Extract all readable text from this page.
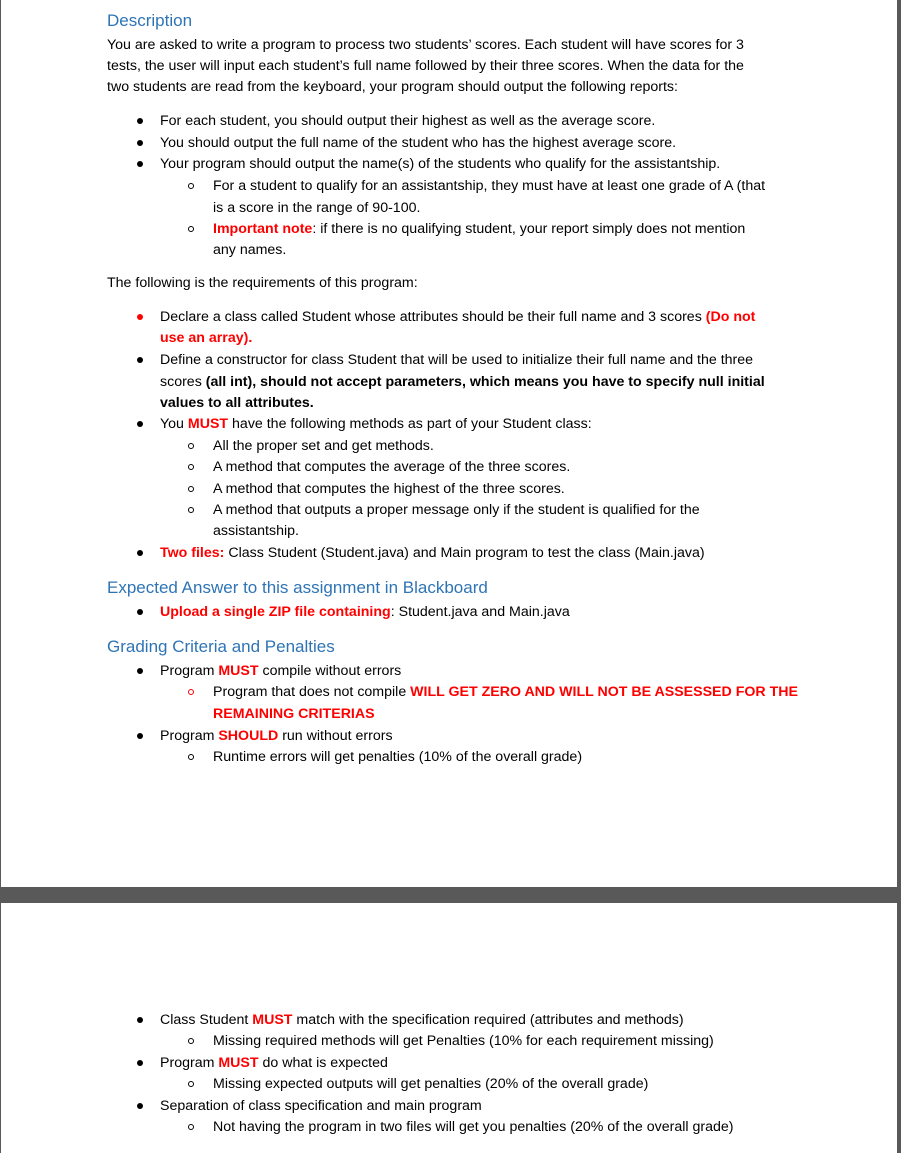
Description
You are asked to write a program to process two students’ scores. Each student will have scores for 3
tests, the user will input each student’s full name followed by their three scores. When the data for the
two students are read from the keyboard, your program should output the following reports:
For each student, you should output their highest as well as the average score.
You should output the full name of the student who has the highest average score.
Your program should output the name(s) of the students who qualify for the assistantship.
For a student to qualify for an assistantship, they must have at least one grade of A (that
is a score in the range of 90-100.
Important note: if there is no qualifying student, your report simply does not mention
any names.
The following is the requirements of this program:
Declare a class called Student whose attributes should be their full name and 3 scores (Do not
use an array).
Define a constructor for class Student that will be used to initialize their full name and the three
scores (all int), should not accept parameters, which means you have to specify null initial
values to all attributes.
You MUST have the following methods as part of your Student class:
All the proper set and get methods.
A method that computes the average of the three scores.
A method that computes the highest of the three scores.
A method that outputs a proper message only if the student is qualified for the
assistantship.
Two files: Class Student (Student.java) and Main program to test the class (Main.java)
Expected Answer to this assignment in Blackboard
Upload a single ZIP file containing: Student.java and Main.java
Grading Criteria and Penalties
Program MUST compile without errors
Program that does not compile WILL GET ZERO AND WILL NOT BE ASSESSED FOR THE
REMAINING CRITERIAS
Program SHOULD run without errors
Runtime errors will get penalties (10% of the overall grade)
Class Student MUST match with the specification required (attributes and methods)
Missing required methods will get Penalties (10% for each requirement missing)
Program MUST do what is expected
Missing expected outputs will get penalties (20% of the overall grade)
Separation of class specification and main program
Not having the program in two files will get you penalties (20% of the overall grade)
